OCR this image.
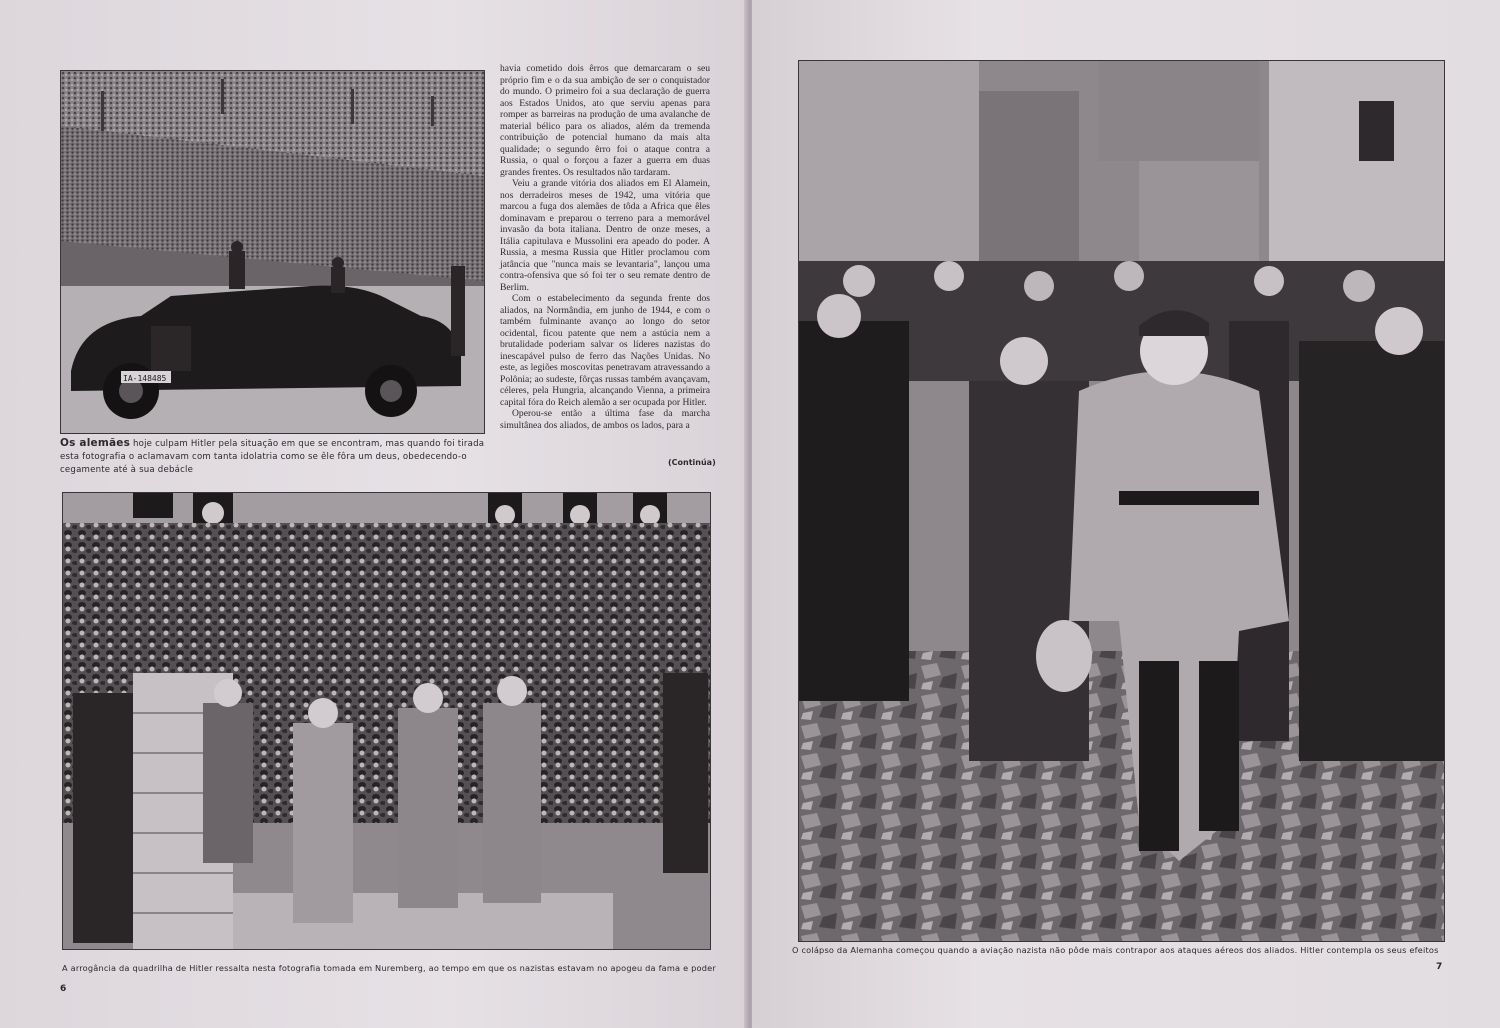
IA-148485
Os alemães hoje culpam Hitler pela situação em que se encontram, mas quando foi tirada esta fotografia o aclamavam com tanta idolatria como se êle fôra um deus, obedecendo-o cegamente até à sua debácle

havia cometido dois êrros que demarcaram o seu próprio fim e o da sua ambição de ser o conquistador do mundo. O primeiro foi a sua declaração de guerra aos Estados Unidos, ato que serviu apenas para romper as barreiras na produção de uma avalanche de material bélico para os aliados, além da tremenda contribuição de potencial humano da mais alta qualidade; o segundo êrro foi o ataque contra a Russia, o qual o forçou a fazer a guerra em duas grandes frentes. Os resultados não tardaram.

Veiu a grande vitória dos aliados em El Alamein, nos derradeiros meses de 1942, uma vitória que marcou a fuga dos alemães de tôda a Africa que êles dominavam e preparou o terreno para a memorável invasão da bota italiana. Dentro de onze meses, a Itália capitulava e Mussolini era apeado do poder. A Russia, a mesma Russia que Hitler proclamou com jatância que "nunca mais se levantaria", lançou uma contra-ofensiva que só foi ter o seu remate dentro de Berlim.

Com o estabelecimento da segunda frente dos aliados, na Normândia, em junho de 1944, e com o também fulminante avanço ao longo do setor ocidental, ficou patente que nem a astúcia nem a brutalidade poderiam salvar os líderes nazistas do inescapável pulso de ferro das Nações Unidas. No este, as legiões moscovitas penetravam atravessando a Polônia; ao sudeste, fôrças russas também avançavam, céleres, pela Hungria, alcançando Vienna, a primeira capital fóra do Reich alemão a ser ocupada por Hitler.

Operou-se então a última fase da marcha simultânea dos aliados, de ambos os lados, para a

(Continúa)
A arrogância da quadrilha de Hitler ressalta nesta fotografia tomada em Nuremberg, ao tempo em que os nazistas estavam no apogeu da fama e poder
6
O colápso da Alemanha começou quando a aviação nazista não pôde mais contrapor aos ataques aéreos dos aliados. Hitler contempla os seus efeitos
7
